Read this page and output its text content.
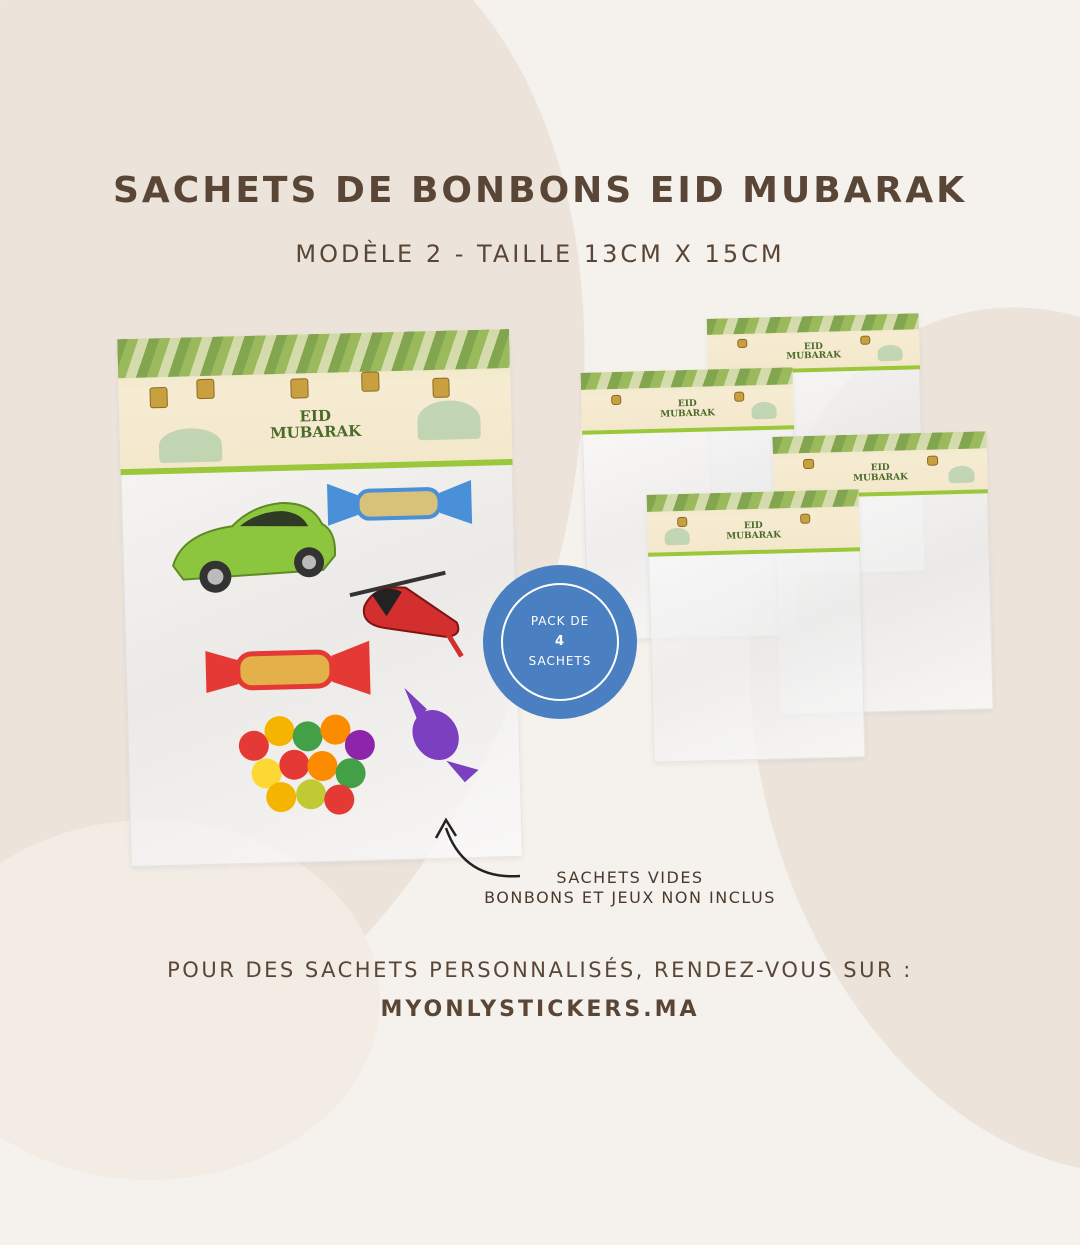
SACHETS DE BONBONS EID MUBARAK
MODÈLE 2 - TAILLE 13CM X 15CM
EID
MUBARAK
EID
MUBARAK
EID
MUBARAK
EID
MUBARAK
EID
MUBARAK
PACK DE
4
SACHETS
SACHETS VIDES
BONBONS ET JEUX NON INCLUS
POUR DES SACHETS PERSONNALISÉS, RENDEZ-VOUS SUR :
MYONLYSTICKERS.MA
